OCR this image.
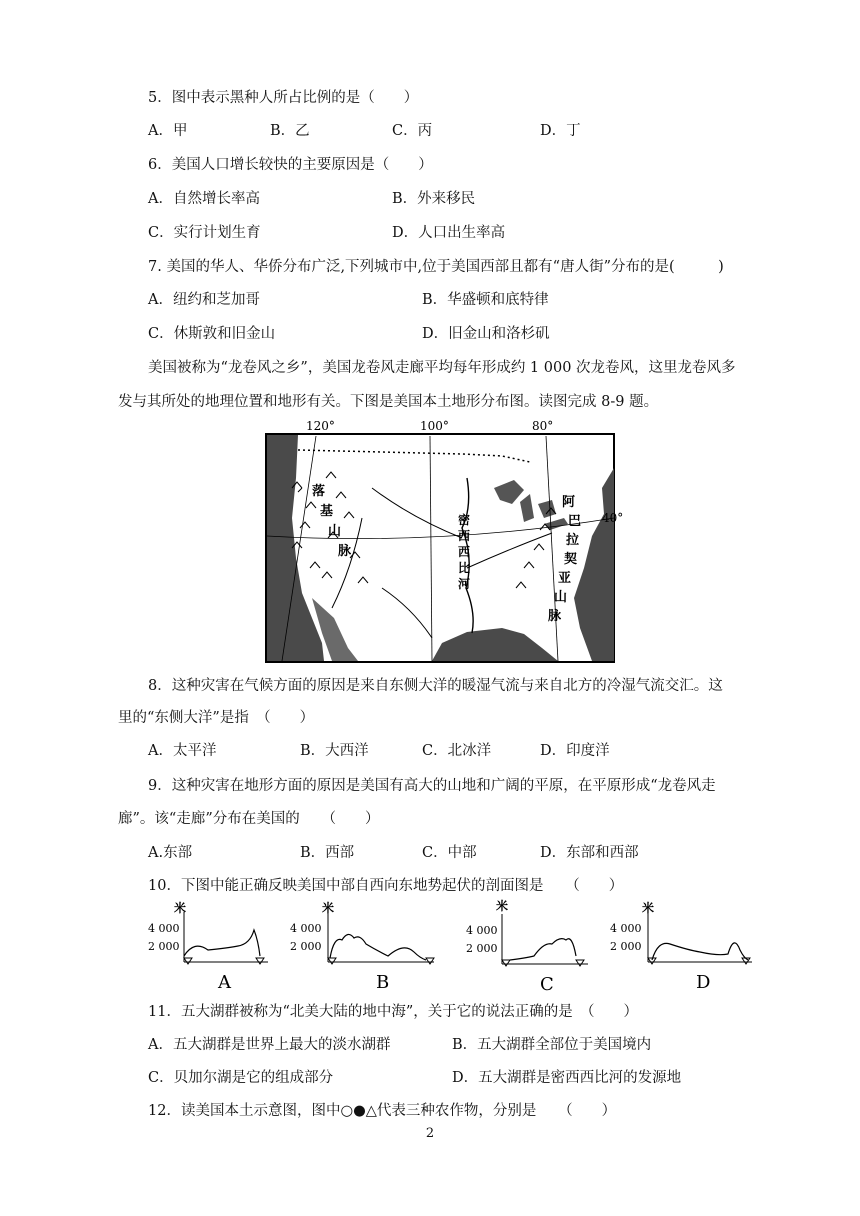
5．图中表示黑种人所占比例的是（　　）
A．甲	B．乙	C．丙	D．丁
6．美国人口增长较快的主要原因是（　　）
A．自然增长率高	B．外来移民
C．实行计划生育	D．人口出生率高
7. 美国的华人、华侨分布广泛,下列城市中,位于美国西部且都有“唐人街”分布的是(　　　)
A．纽约和芝加哥	B．华盛顿和底特律
C．休斯敦和旧金山	D．旧金山和洛杉矶
美国被称为“龙卷风之乡”，美国龙卷风走廊平均每年形成约 1 000 次龙卷风，这里龙卷风多
发与其所处的地理位置和地形有关。下图是美国本土地形分布图。读图完成 8-9 题。
120°	100°	80°
40°
落
基
山
脉
密
西
西
比
河
阿
巴
拉
契
亚
山
脉
8．这种灾害在气候方面的原因是来自东侧大洋的暖湿气流与来自北方的冷湿气流交汇。这
里的“东侧大洋”是指　（　　）
A．太平洋	B．大西洋	C．北冰洋	D．印度洋
9．这种灾害在地形方面的原因是美国有高大的山地和广阔的平原，在平原形成“龙卷风走
廊”。该“走廊”分布在美国的　　（　　）
A.东部	B．西部	C．中部	D．东部和西部
10．下图中能正确反映美国中部自西向东地势起伏的剖面图是　　（　　）
米
4 000
2 000
A
米
4 000
2 000
B
米
4 000
2 000
C
米
4 000
2 000
D
11．五大湖群被称为“北美大陆的地中海”，关于它的说法正确的是　（　　）
A．五大湖群是世界上最大的淡水湖群	B．五大湖群全部位于美国境内
C．贝加尔湖是它的组成部分	D．五大湖群是密西西比河的发源地
12．读美国本土示意图，图中○●△代表三种农作物，分别是　　（　　）
2
